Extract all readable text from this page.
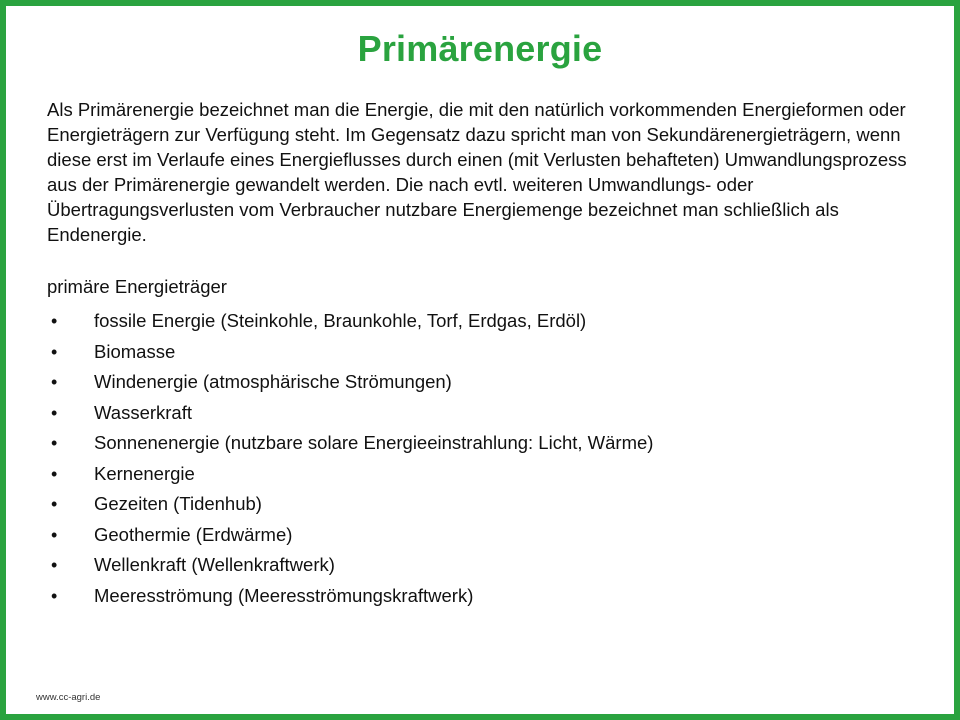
Primärenergie
Als Primärenergie bezeichnet man die Energie, die mit den natürlich vorkommenden Energieformen oder Energieträgern zur Verfügung steht. Im Gegensatz dazu spricht man von Sekundärenergieträgern, wenn diese erst im Verlaufe eines Energieflusses durch einen (mit Verlusten behafteten) Umwandlungsprozess aus der Primärenergie gewandelt werden. Die nach evtl. weiteren Umwandlungs- oder Übertragungsverlusten vom Verbraucher nutzbare Energiemenge bezeichnet man schließlich als Endenergie.
primäre Energieträger
• fossile Energie (Steinkohle, Braunkohle, Torf, Erdgas, Erdöl)
• Biomasse
• Windenergie (atmosphärische Strömungen)
• Wasserkraft
• Sonnenenergie (nutzbare solare Energieeinstrahlung: Licht, Wärme)
• Kernenergie
• Gezeiten (Tidenhub)
• Geothermie (Erdwärme)
• Wellenkraft (Wellenkraftwerk)
• Meeresströmung (Meeresströmungskraftwerk)
www.cc-agri.de
